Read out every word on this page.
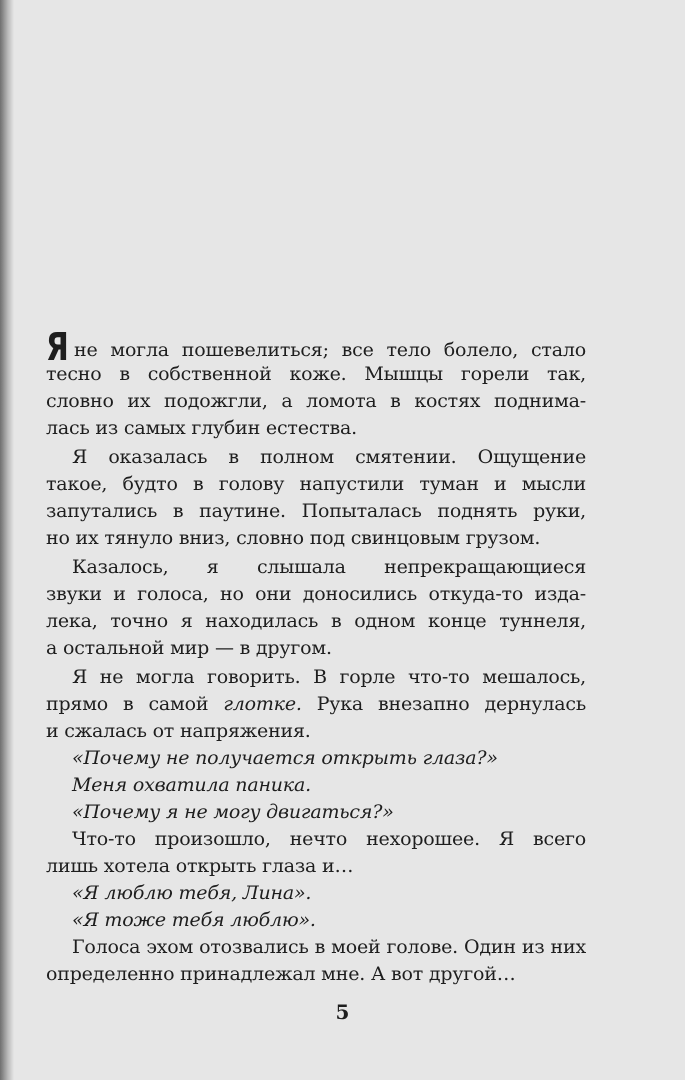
Яне могла пошевелиться; все тело болело, стало
тесно в собственной коже. Мышцы горели так,
словно их подожгли, а ломота в костях поднима-
лась из самых глубин естества.
Я оказалась в полном смятении. Ощущение
такое, будто в голову напустили туман и мысли
запутались в паутине. Попыталась поднять руки,
но их тянуло вниз, словно под свинцовым грузом.
Казалось, я слышала непрекращающиеся
звуки и голоса, но они доносились откуда-то изда-
лека, точно я находилась в одном конце туннеля,
а остальной мир — в другом.
Я не могла говорить. В горле что-то мешалось,
прямо в самой глотке. Рука внезапно дернулась
и сжалась от напряжения.
«Почему не получается открыть глаза?»
Меня охватила паника.
«Почему я не могу двигаться?»
Что-то произошло, нечто нехорошее. Я всего
лишь хотела открыть глаза и…
«Я люблю тебя, Лина».
«Я тоже тебя люблю».
Голоса эхом отозвались в моей голове. Один из них
определенно принадлежал мне. А вот другой…
5
